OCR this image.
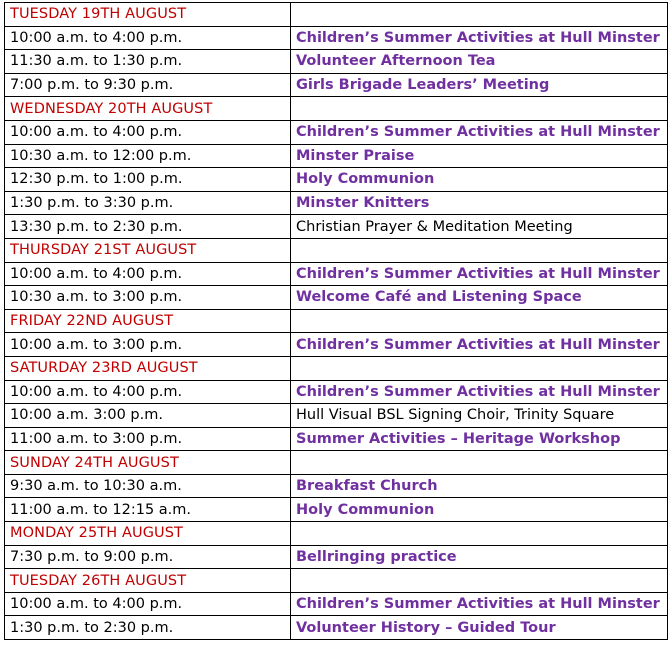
TUESDAY 19TH AUGUST	
10:00 a.m. to 4:00 p.m.	Children’s Summer Activities at Hull Minster
11:30 a.m. to 1:30 p.m.	Volunteer Afternoon Tea
7:00 p.m. to 9:30 p.m.	Girls Brigade Leaders’ Meeting
WEDNESDAY 20TH AUGUST	
10:00 a.m. to 4:00 p.m.	Children’s Summer Activities at Hull Minster
10:30 a.m. to 12:00 p.m.	Minster Praise
12:30 p.m. to 1:00 p.m.	Holy Communion
1:30 p.m. to 3:30 p.m.	Minster Knitters
13:30 p.m. to 2:30 p.m.	Christian Prayer & Meditation Meeting
THURSDAY 21ST AUGUST	
10:00 a.m. to 4:00 p.m.	Children’s Summer Activities at Hull Minster
10:30 a.m. to 3:00 p.m.	Welcome Café and Listening Space
FRIDAY 22ND AUGUST	
10:00 a.m. to 3:00 p.m.	Children’s Summer Activities at Hull Minster
SATURDAY 23RD AUGUST	
10:00 a.m. to 4:00 p.m.	Children’s Summer Activities at Hull Minster
10:00 a.m. 3:00 p.m.	Hull Visual BSL Signing Choir, Trinity Square
11:00 a.m. to 3:00 p.m.	Summer Activities – Heritage Workshop
SUNDAY 24TH AUGUST	
9:30 a.m. to 10:30 a.m.	Breakfast Church
11:00 a.m. to 12:15 a.m.	Holy Communion
MONDAY 25TH AUGUST	
7:30 p.m. to 9:00 p.m.	Bellringing practice
TUESDAY 26TH AUGUST	
10:00 a.m. to 4:00 p.m.	Children’s Summer Activities at Hull Minster
1:30 p.m. to 2:30 p.m.	Volunteer History – Guided Tour
